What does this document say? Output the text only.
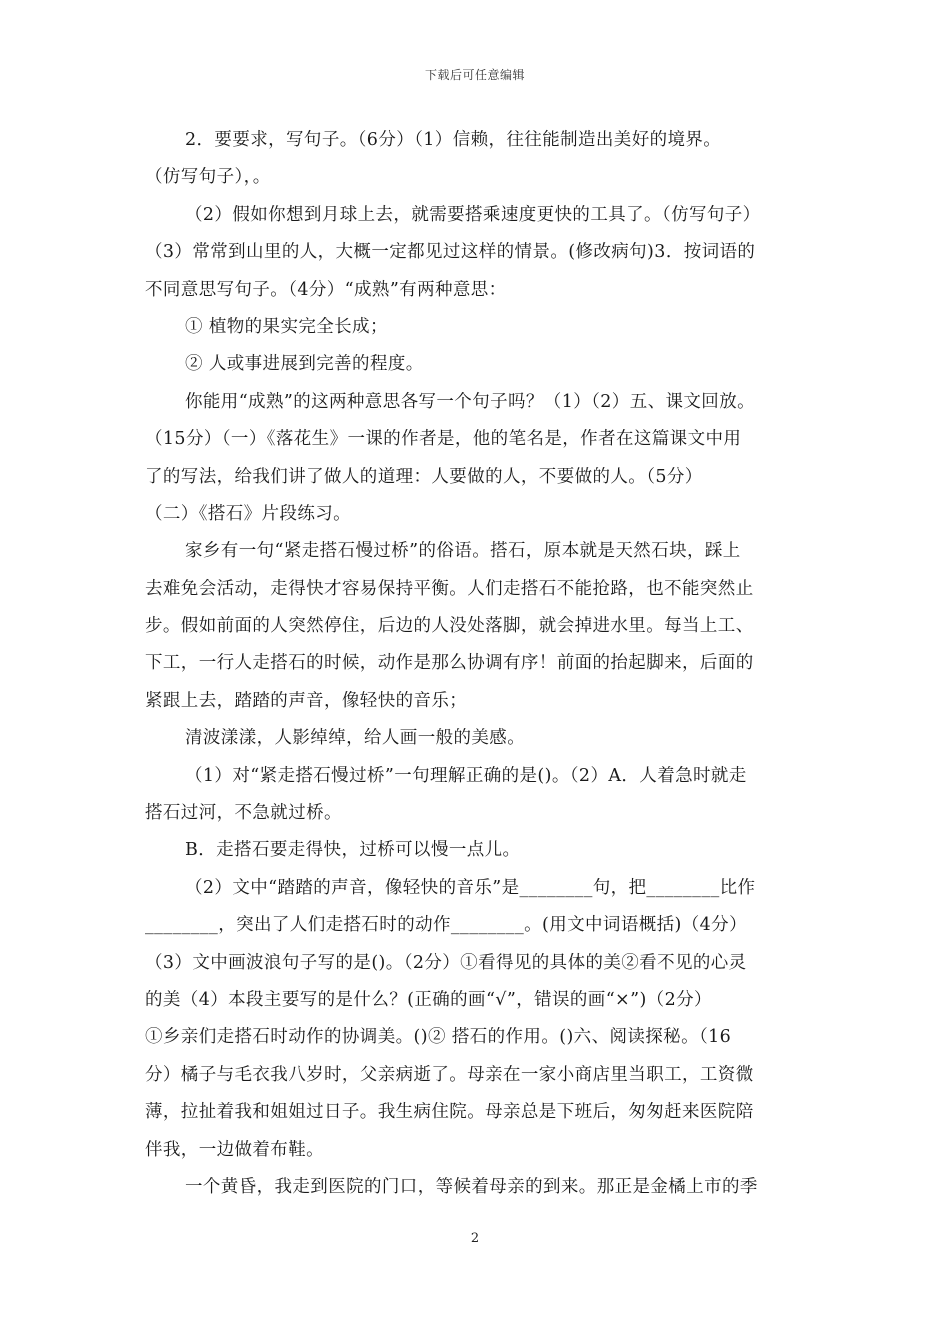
下载后可任意编辑
2．要要求，写句子。（6分）（1）信赖，往往能制造出美好的境界。
（仿写句子），。
（2）假如你想到月球上去，就需要搭乘速度更快的工具了。（仿写句子）
（3）常常到山里的人，大概一定都见过这样的情景。(修改病句)3．按词语的
不同意思写句子。（4分）“成熟”有两种意思：
① 植物的果实完全长成；
② 人或事进展到完善的程度。
你能用“成熟”的这两种意思各写一个句子吗？（1）（2）五、课文回放。
（15分）（一）《落花生》一课的作者是，他的笔名是，作者在这篇课文中用
了的写法，给我们讲了做人的道理：人要做的人，不要做的人。（5分）
（二）《搭石》片段练习。
家乡有一句“紧走搭石慢过桥”的俗语。搭石，原本就是天然石块，踩上
去难免会活动，走得快才容易保持平衡。人们走搭石不能抢路，也不能突然止
步。假如前面的人突然停住，后边的人没处落脚，就会掉进水里。每当上工、
下工，一行人走搭石的时候，动作是那么协调有序！前面的抬起脚来，后面的
紧跟上去，踏踏的声音，像轻快的音乐；
清波漾漾，人影绰绰，给人画一般的美感。
（1）对“紧走搭石慢过桥”一句理解正确的是()。（2）A．人着急时就走
搭石过河，不急就过桥。
B．走搭石要走得快，过桥可以慢一点儿。
（2）文中“踏踏的声音，像轻快的音乐”是________句，把________比作
________，突出了人们走搭石时的动作________。(用文中词语概括)（4分）
（3）文中画波浪句子写的是()。（2分）①看得见的具体的美②看不见的心灵
的美（4）本段主要写的是什么？(正确的画“√”，错误的画“×”)（2分）
①乡亲们走搭石时动作的协调美。()② 搭石的作用。()六、阅读探秘。（16
分）橘子与毛衣我八岁时，父亲病逝了。母亲在一家小商店里当职工，工资微
薄，拉扯着我和姐姐过日子。我生病住院。母亲总是下班后，匆匆赶来医院陪
伴我，一边做着布鞋。
一个黄昏，我走到医院的门口，等候着母亲的到来。那正是金橘上市的季
2
